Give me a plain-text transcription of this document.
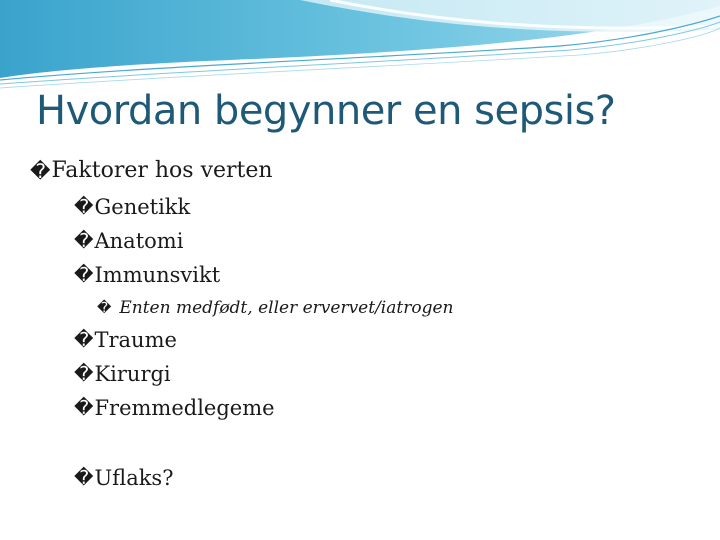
Hvordan begynner en sepsis?
� Faktorer hos verten
� Genetikk
� Anatomi
� Immunsvikt
� Enten medfødt, eller ervervet/iatrogen
� Traume
� Kirurgi
� Fremmedlegeme
� Uflaks?
